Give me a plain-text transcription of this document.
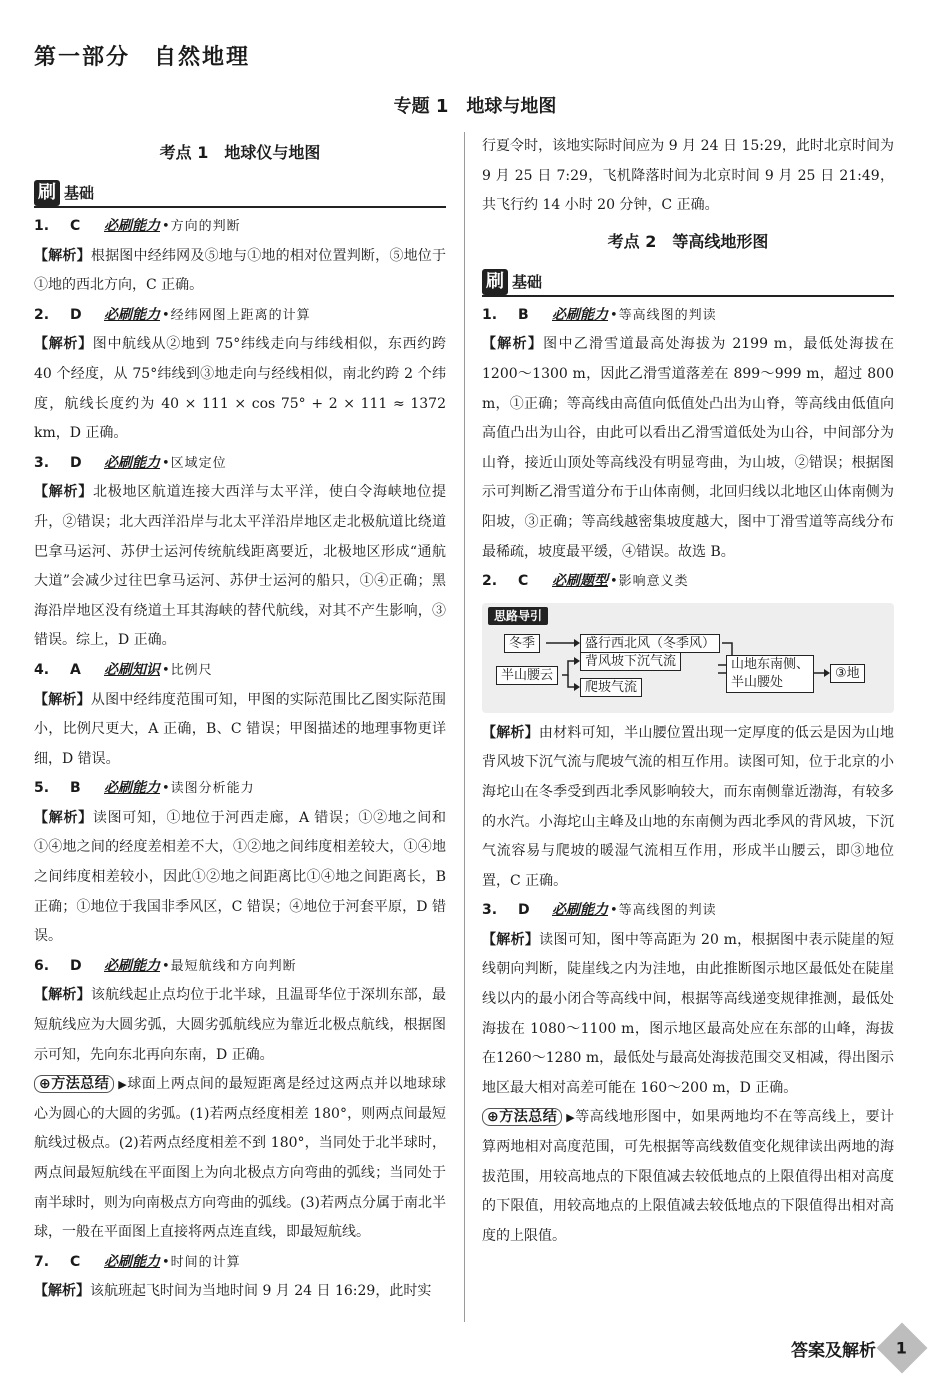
第一部分　自然地理
专题 1　地球与地图
考点 1　地球仪与地图
刷 基础
1. C 必刷能力 •方向的判断
【解析】根据图中经纬网及⑤地与①地的相对位置判断，⑤地位于①地的西北方向，C 正确。
2. D 必刷能力 •经纬网图上距离的计算
【解析】图中航线从②地到 75°纬线走向与纬线相似，东西约跨 40 个经度，从 75°纬线到③地走向与经线相似，南北约跨 2 个纬度，航线长度约为 40 × 111 × cos 75° + 2 × 111 ≈ 1372 km，D 正确。
3. D 必刷能力 •区域定位
【解析】北极地区航道连接大西洋与太平洋，使白令海峡地位提升，②错误；北大西洋沿岸与北太平洋沿岸地区走北极航道比绕道巴拿马运河、苏伊士运河传统航线距离要近，北极地区形成“通航大道”会减少过往巴拿马运河、苏伊士运河的船只，①④正确；黑海沿岸地区没有绕道土耳其海峡的替代航线，对其不产生影响，③错误。综上，D 正确。
4. A 必刷知识 •比例尺
【解析】从图中经纬度范围可知，甲图的实际范围比乙图实际范围小，比例尺更大，A 正确，B、C 错误；甲图描述的地理事物更详细，D 错误。
5. B 必刷能力 •读图分析能力
【解析】读图可知，①地位于河西走廊，A 错误；①②地之间和①④地之间的经度差相差不大，①②地之间纬度相差较大，①④地之间纬度相差较小，因此①②地之间距离比①④地之间距离长，B 正确；①地位于我国非季风区，C 错误；④地位于河套平原，D 错误。
6. D 必刷能力 •最短航线和方向判断
【解析】该航线起止点均位于北半球，且温哥华位于深圳东部，最短航线应为大圆劣弧，大圆劣弧航线应为靠近北极点航线，根据图示可知，先向东北再向东南，D 正确。
⊕方法总结 ▶球面上两点间的最短距离是经过这两点并以地球球心为圆心的大圆的劣弧。(1)若两点经度相差 180°，则两点间最短航线过极点。(2)若两点经度相差不到 180°，当同处于北半球时，两点间最短航线在平面图上为向北极点方向弯曲的弧线；当同处于南半球时，则为向南极点方向弯曲的弧线。(3)若两点分属于南北半球，一般在平面图上直接将两点连直线，即最短航线。
7. C 必刷能力 •时间的计算
【解析】该航班起飞时间为当地时间 9 月 24 日 16:29，此时实
行夏令时，该地实际时间应为 9 月 24 日 15:29，此时北京时间为 9 月 25 日 7:29，飞机降落时间为北京时间 9 月 25 日 21:49，共飞行约 14 小时 20 分钟，C 正确。
考点 2　等高线地形图
刷 基础
1. B 必刷能力 •等高线图的判读
【解析】图中乙滑雪道最高处海拔为 2199 m，最低处海拔在 1200～1300 m，因此乙滑雪道落差在 899～999 m，超过 800 m，①正确；等高线由高值向低值处凸出为山脊，等高线由低值向高值凸出为山谷，由此可以看出乙滑雪道低处为山谷，中间部分为山脊，接近山顶处等高线没有明显弯曲，为山坡，②错误；根据图示可判断乙滑雪道分布于山体南侧，北回归线以北地区山体南侧为阳坡，③正确；等高线越密集坡度越大，图中丁滑雪道等高线分布最稀疏，坡度最平缓，④错误。故选 B。
2. C 必刷题型 •影响意义类
思路导引
冬季
半山腰云
盛行西北风（冬季风）
背风坡下沉气流
爬坡气流
山地东南侧、
半山腰处
③地
【解析】由材料可知，半山腰位置出现一定厚度的低云是因为山地背风坡下沉气流与爬坡气流的相互作用。读图可知，位于北京的小海坨山在冬季受到西北季风影响较大，而东南侧靠近渤海，有较多的水汽。小海坨山主峰及山地的东南侧为西北季风的背风坡，下沉气流容易与爬坡的暖湿气流相互作用，形成半山腰云，即③地位置，C 正确。
3. D 必刷能力 •等高线图的判读
【解析】读图可知，图中等高距为 20 m，根据图中表示陡崖的短线朝向判断，陡崖线之内为洼地，由此推断图示地区最低处在陡崖线以内的最小闭合等高线中间，根据等高线递变规律推测，最低处海拔在 1080～1100 m，图示地区最高处应在东部的山峰，海拔在1260～1280 m，最低处与最高处海拔范围交叉相减，得出图示地区最大相对高差可能在 160～200 m，D 正确。
⊕方法总结 ▶等高线地形图中，如果两地均不在等高线上，要计算两地相对高度范围，可先根据等高线数值变化规律读出两地的海拔范围，用较高地点的下限值减去较低地点的上限值得出相对高度的下限值，用较高地点的上限值减去较低地点的下限值得出相对高度的上限值。
答案及解析 1
